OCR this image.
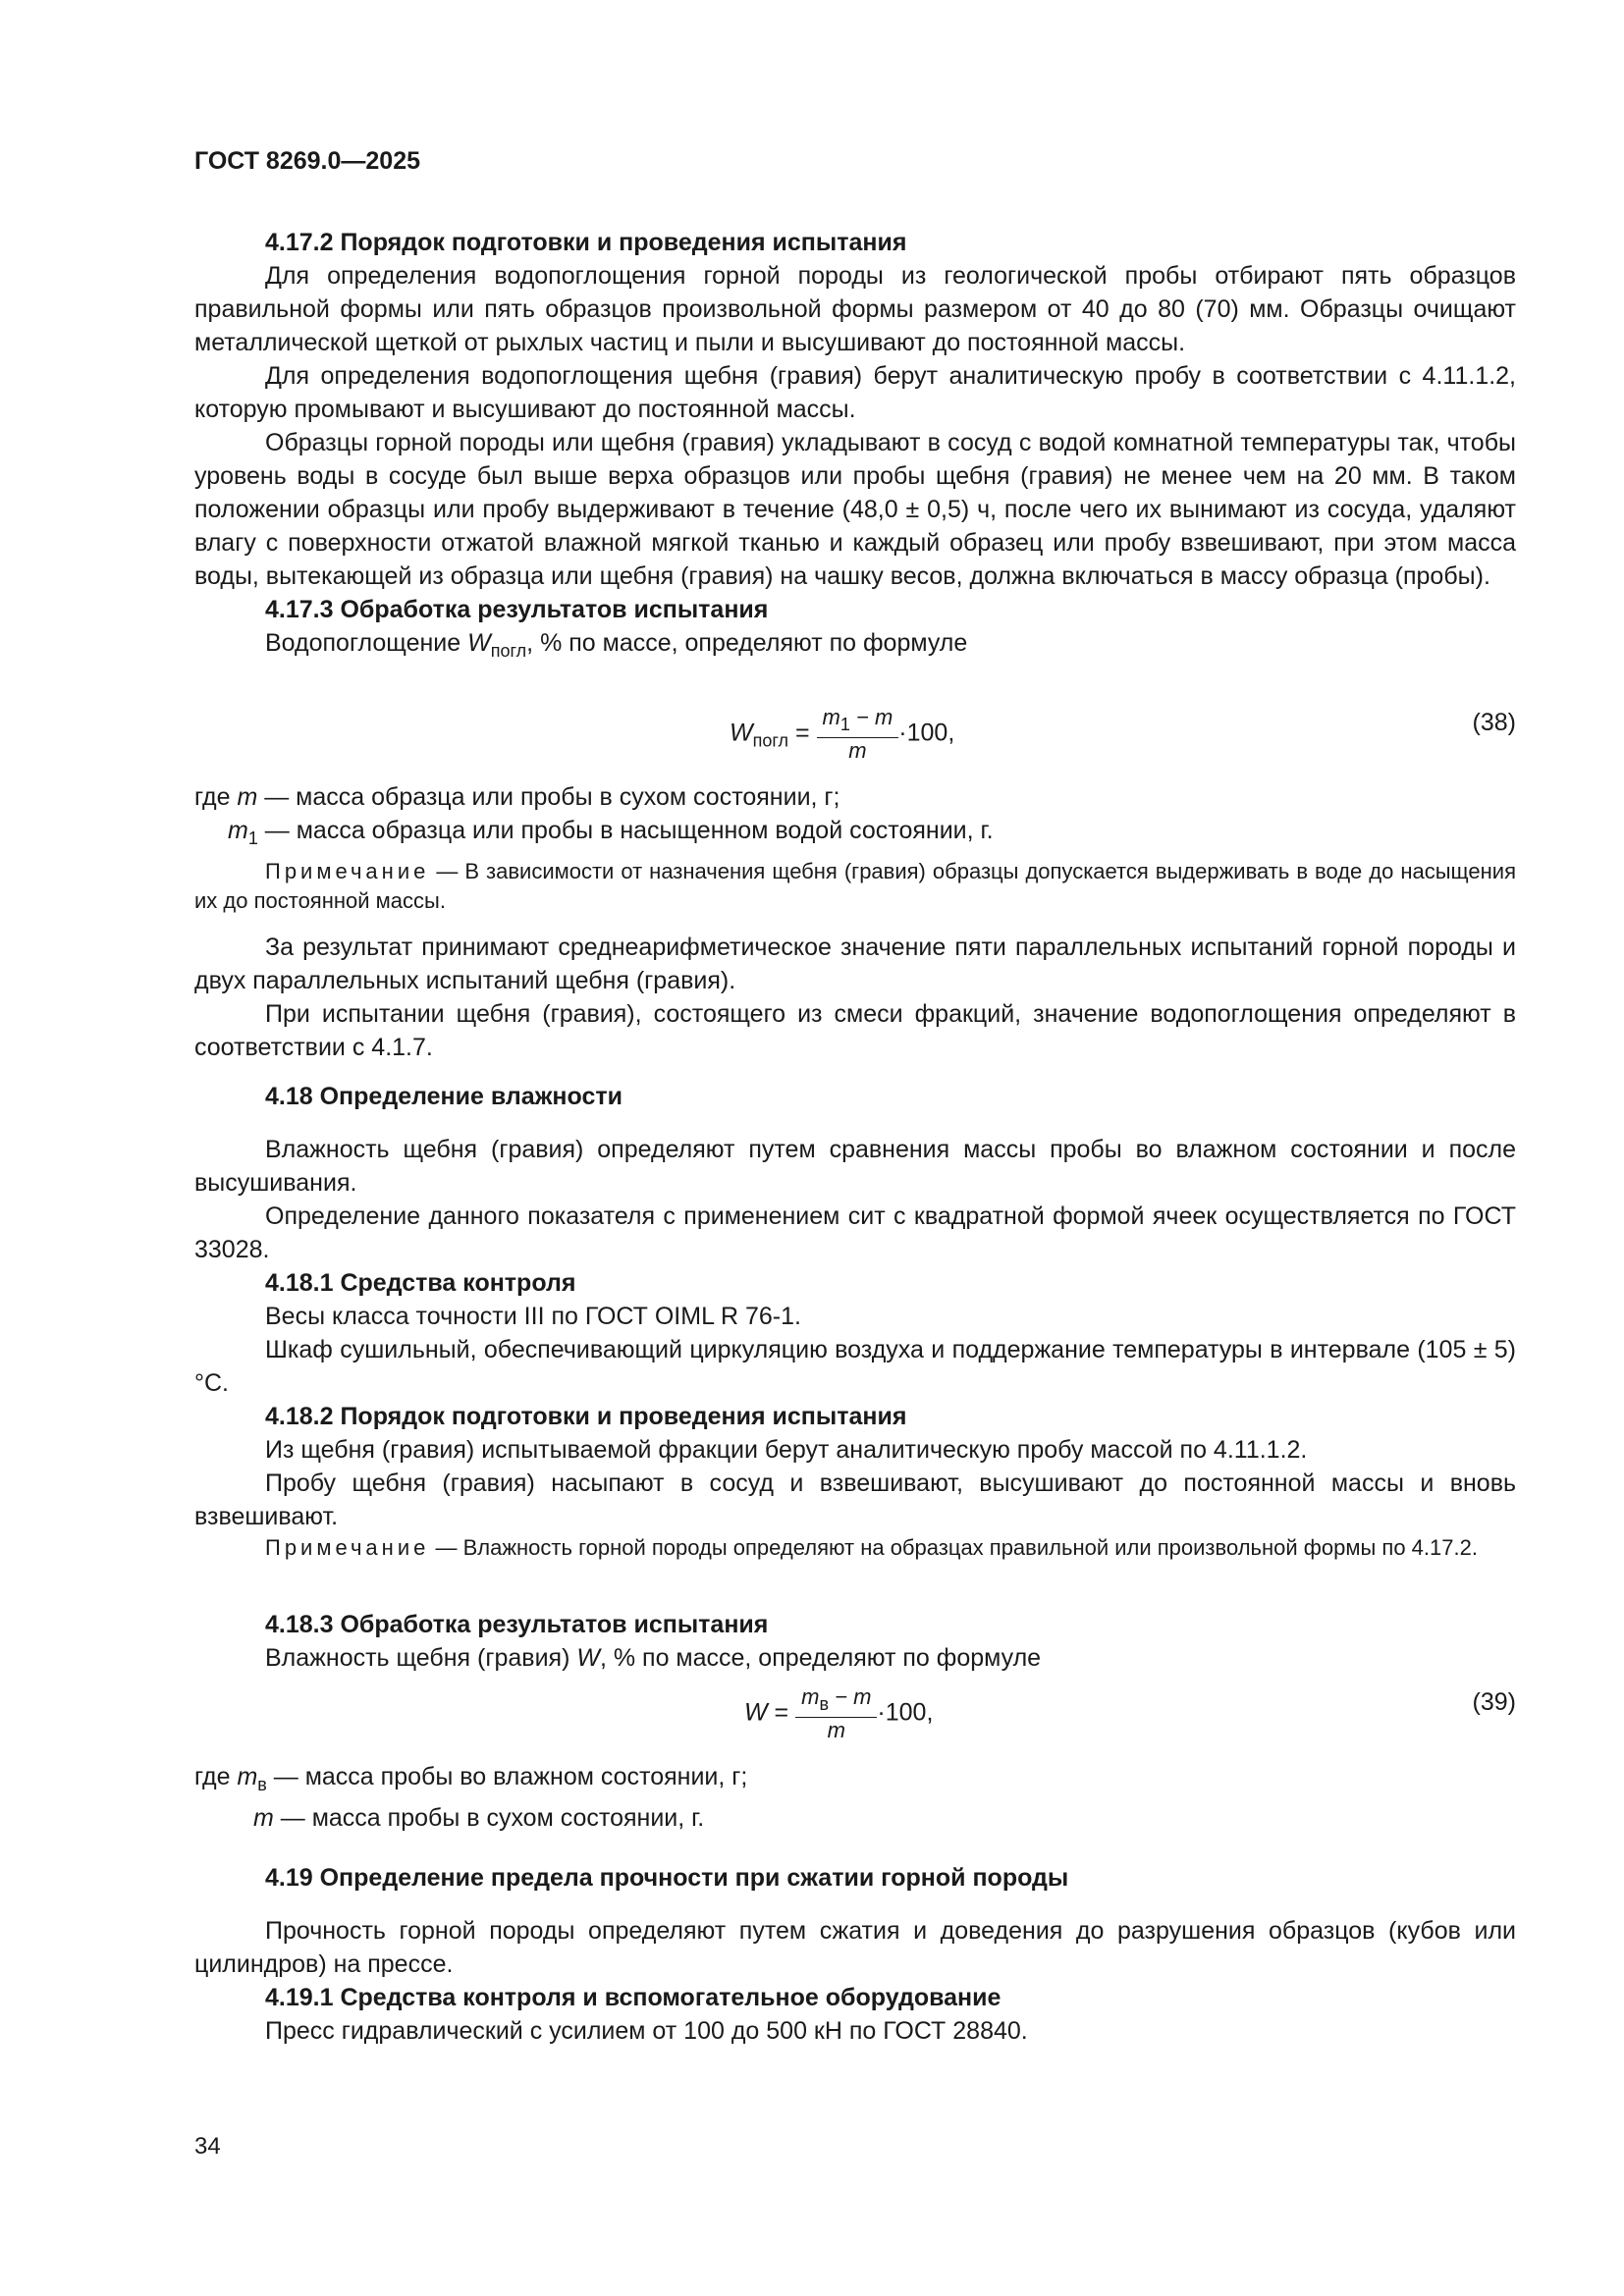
ГОСТ 8269.0—2025

4.17.2 Порядок подготовки и проведения испытания

Для определения водопоглощения горной породы из геологической пробы отбирают пять образцов правильной формы или пять образцов произвольной формы размером от 40 до 80 (70) мм. Образцы очищают металлической щеткой от рыхлых частиц и пыли и высушивают до постоянной массы.

Для определения водопоглощения щебня (гравия) берут аналитическую пробу в соответствии с 4.11.1.2, которую промывают и высушивают до постоянной массы.

Образцы горной породы или щебня (гравия) укладывают в сосуд с водой комнатной температуры так, чтобы уровень воды в сосуде был выше верха образцов или пробы щебня (гравия) не менее чем на 20 мм. В таком положении образцы или пробу выдерживают в течение (48,0 ± 0,5) ч, после чего их вынимают из сосуда, удаляют влагу с поверхности отжатой влажной мягкой тканью и каждый образец или пробу взвешивают, при этом масса воды, вытекающей из образца или щебня (гравия) на чашку весов, должна включаться в массу образца (пробы).

4.17.3 Обработка результатов испытания

Водопоглощение $W_{погл}$, % по массе, определяют по формуле

$W_{погл} = \frac{m_1 - m}{m} \cdot 100$,	(38)

где m — масса образца или пробы в сухом состоянии, г;

$m_1$ — масса образца или пробы в насыщенном водой состоянии, г.

Примечание — В зависимости от назначения щебня (гравия) образцы допускается выдерживать в воде до насыщения их до постоянной массы.

За результат принимают среднеарифметическое значение пяти параллельных испытаний горной породы и двух параллельных испытаний щебня (гравия).

При испытании щебня (гравия), состоящего из смеси фракций, значение водопоглощения определяют в соответствии с 4.1.7.

4.18 Определение влажности

Влажность щебня (гравия) определяют путем сравнения массы пробы во влажном состоянии и после высушивания.

Определение данного показателя с применением сит с квадратной формой ячеек осуществляется по ГОСТ 33028.

4.18.1 Средства контроля

Весы класса точности III по ГОСТ OIML R 76-1.

Шкаф сушильный, обеспечивающий циркуляцию воздуха и поддержание температуры в интервале (105 ± 5) °С.

4.18.2 Порядок подготовки и проведения испытания

Из щебня (гравия) испытываемой фракции берут аналитическую пробу массой по 4.11.1.2.

Пробу щебня (гравия) насыпают в сосуд и взвешивают, высушивают до постоянной массы и вновь взвешивают.

Примечание — Влажность горной породы определяют на образцах правильной или произвольной формы по 4.17.2.

4.18.3 Обработка результатов испытания

Влажность щебня (гравия) W, % по массе, определяют по формуле

$W = \frac{m_в - m}{m} \cdot 100$,	(39)

где $m_в$ — масса пробы во влажном состоянии, г;

m — масса пробы в сухом состоянии, г.

4.19 Определение предела прочности при сжатии горной породы

Прочность горной породы определяют путем сжатия и доведения до разрушения образцов (кубов или цилиндров) на прессе.

4.19.1 Средства контроля и вспомогательное оборудование

Пресс гидравлический с усилием от 100 до 500 кН по ГОСТ 28840.

34
